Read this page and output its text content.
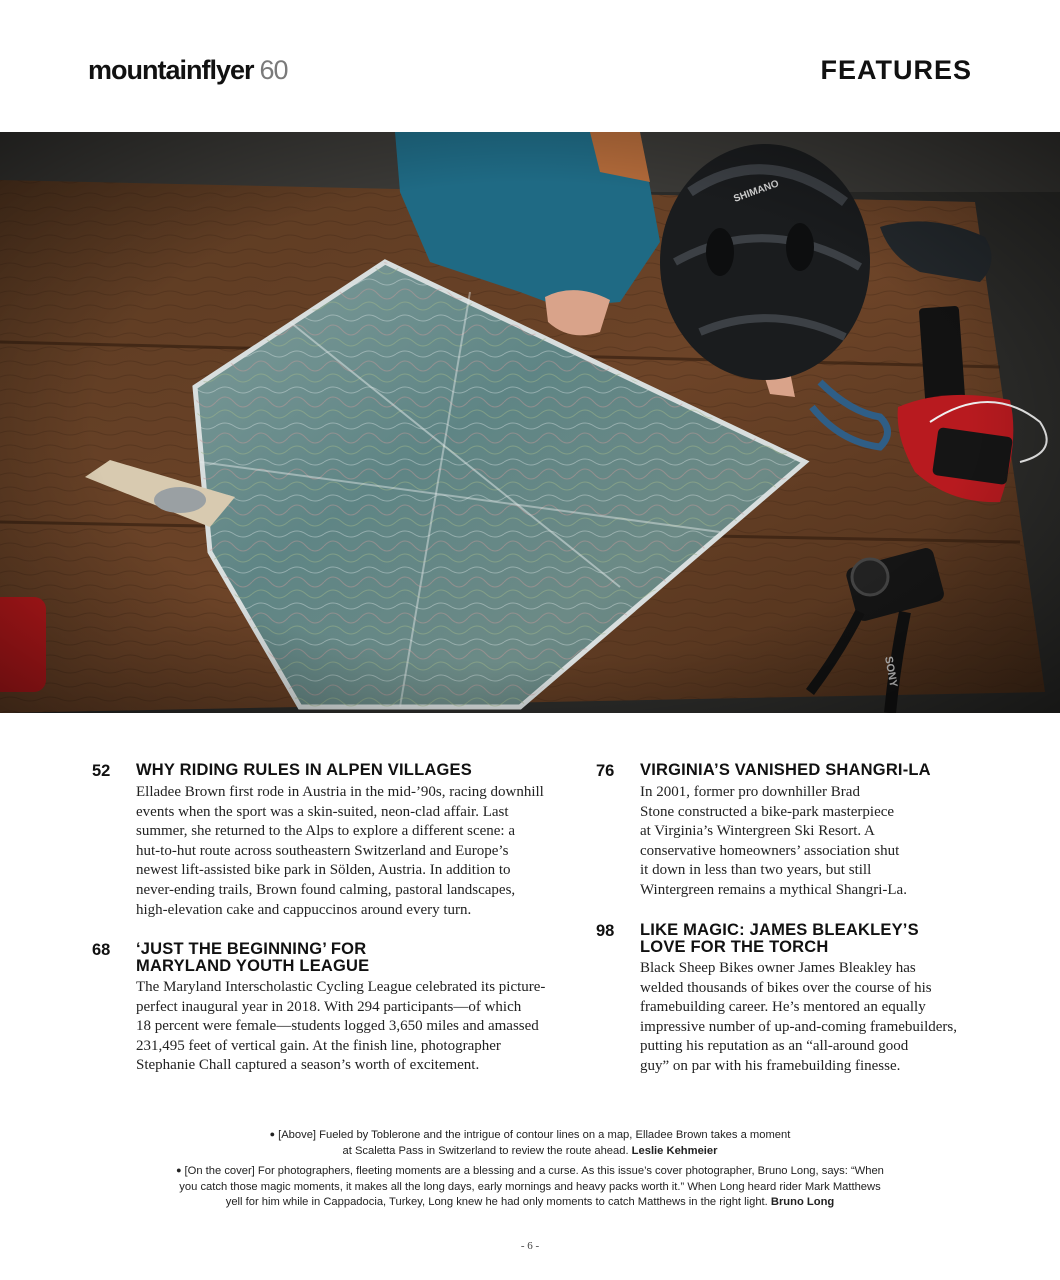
mountainflyer 60	FEATURES
52 WHY RIDING RULES IN ALPEN VILLAGES
Elladee Brown first rode in Austria in the mid-’90s, racing downhill
events when the sport was a skin-suited, neon-clad affair. Last
summer, she returned to the Alps to explore a different scene: a
hut-to-hut route across southeastern Switzerland and Europe’s
newest lift-assisted bike park in Sölden, Austria. In addition to
never-ending trails, Brown found calming, pastoral landscapes,
high-elevation cake and cappuccinos around every turn.
68 ‘JUST THE BEGINNING’ FOR
MARYLAND YOUTH LEAGUE
The Maryland Interscholastic Cycling League celebrated its picture-
perfect inaugural year in 2018. With 294 participants—of which
18 percent were female—students logged 3,650 miles and amassed
231,495 feet of vertical gain. At the finish line, photographer
Stephanie Chall captured a season’s worth of excitement.
76 VIRGINIA’S VANISHED SHANGRI-LA
In 2001, former pro downhiller Brad
Stone constructed a bike-park masterpiece
at Virginia’s Wintergreen Ski Resort. A
conservative homeowners’ association shut
it down in less than two years, but still
Wintergreen remains a mythical Shangri-La.
98 LIKE MAGIC: JAMES BLEAKLEY’S
LOVE FOR THE TORCH
Black Sheep Bikes owner James Bleakley has
welded thousands of bikes over the course of his
framebuilding career. He’s mentored an equally
impressive number of up-and-coming framebuilders,
putting his reputation as an “all-around good
guy” on par with his framebuilding finesse.
● [Above] Fueled by Toblerone and the intrigue of contour lines on a map, Elladee Brown takes a moment
at Scaletta Pass in Switzerland to review the route ahead. Leslie Kehmeier
● [On the cover] For photographers, fleeting moments are a blessing and a curse. As this issue’s cover photographer, Bruno Long, says: “When
you catch those magic moments, it makes all the long days, early mornings and heavy packs worth it.” When Long heard rider Mark Matthews
yell for him while in Cappadocia, Turkey, Long knew he had only moments to catch Matthews in the right light. Bruno Long
- 6 -
